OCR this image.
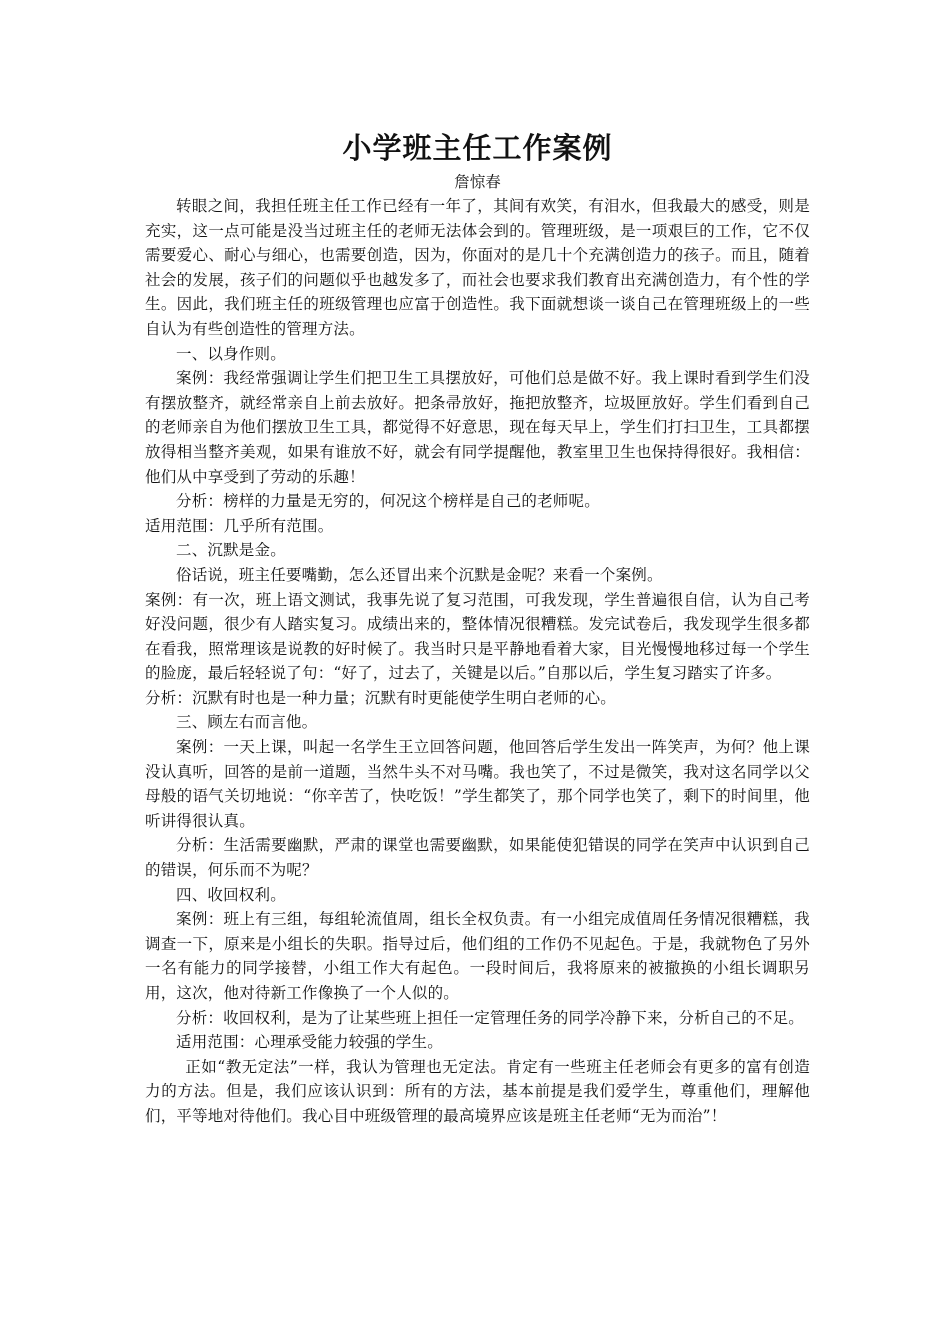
小学班主任工作案例

詹惊春

转眼之间，我担任班主任工作已经有一年了，其间有欢笑，有泪水，但我最大的感受，则是充实，这一点可能是没当过班主任的老师无法体会到的。管理班级，是一项艰巨的工作，它不仅需要爱心、耐心与细心，也需要创造，因为，你面对的是几十个充满创造力的孩子。而且，随着社会的发展，孩子们的问题似乎也越发多了，而社会也要求我们教育出充满创造力，有个性的学生。因此，我们班主任的班级管理也应富于创造性。我下面就想谈一谈自己在管理班级上的一些自认为有些创造性的管理方法。

一、以身作则。

案例：我经常强调让学生们把卫生工具摆放好，可他们总是做不好。我上课时看到学生们没有摆放整齐，就经常亲自上前去放好。把条帚放好，拖把放整齐，垃圾匣放好。学生们看到自己的老师亲自为他们摆放卫生工具，都觉得不好意思，现在每天早上，学生们打扫卫生，工具都摆放得相当整齐美观，如果有谁放不好，就会有同学提醒他，教室里卫生也保持得很好。我相信：他们从中享受到了劳动的乐趣！

分析：榜样的力量是无穷的，何况这个榜样是自己的老师呢。

适用范围：几乎所有范围。

二、沉默是金。

俗话说，班主任要嘴勤，怎么还冒出来个沉默是金呢？来看一个案例。

案例：有一次，班上语文测试，我事先说了复习范围，可我发现，学生普遍很自信，认为自己考好没问题，很少有人踏实复习。成绩出来的，整体情况很糟糕。发完试卷后，我发现学生很多都在看我，照常理该是说教的好时候了。我当时只是平静地看着大家，目光慢慢地移过每一个学生的脸庞，最后轻轻说了句：“好了，过去了，关键是以后。”自那以后，学生复习踏实了许多。

分析：沉默有时也是一种力量；沉默有时更能使学生明白老师的心。

三、顾左右而言他。

案例：一天上课，叫起一名学生王立回答问题，他回答后学生发出一阵笑声，为何？他上课没认真听，回答的是前一道题，当然牛头不对马嘴。我也笑了，不过是微笑，我对这名同学以父母般的语气关切地说：“你辛苦了，快吃饭！”学生都笑了，那个同学也笑了，剩下的时间里，他听讲得很认真。

分析：生活需要幽默，严肃的课堂也需要幽默，如果能使犯错误的同学在笑声中认识到自己的错误，何乐而不为呢？

四、收回权利。

案例：班上有三组，每组轮流值周，组长全权负责。有一小组完成值周任务情况很糟糕，我调查一下，原来是小组长的失职。指导过后，他们组的工作仍不见起色。于是，我就物色了另外一名有能力的同学接替，小组工作大有起色。一段时间后，我将原来的被撤换的小组长调职另用，这次，他对待新工作像换了一个人似的。

分析：收回权利，是为了让某些班上担任一定管理任务的同学冷静下来，分析自己的不足。

适用范围：心理承受能力较强的学生。

正如“教无定法”一样，我认为管理也无定法。肯定有一些班主任老师会有更多的富有创造力的方法。但是，我们应该认识到：所有的方法，基本前提是我们爱学生，尊重他们，理解他们，平等地对待他们。我心目中班级管理的最高境界应该是班主任老师“无为而治”！
